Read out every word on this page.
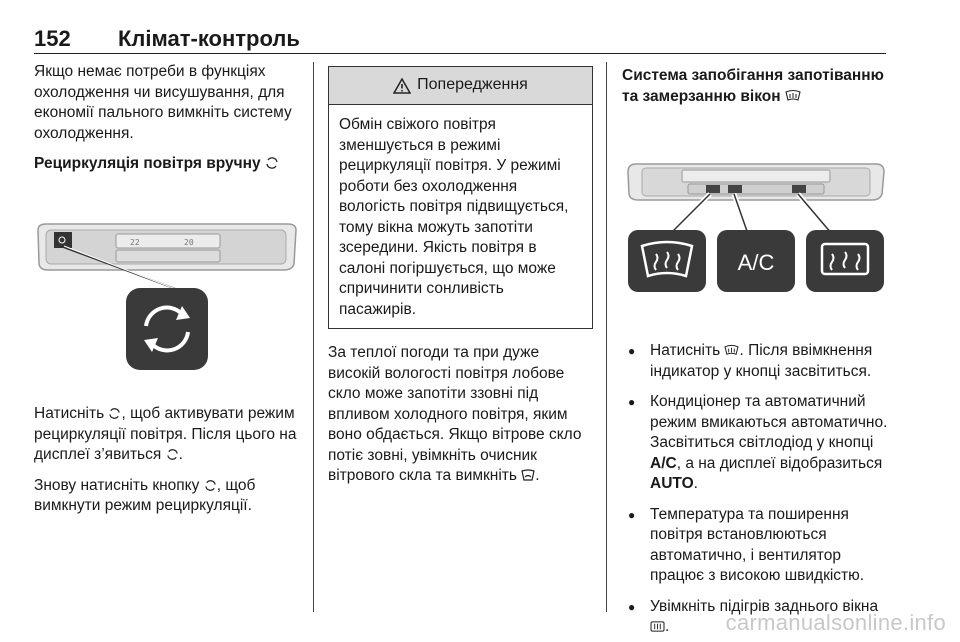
152 Клімат-контроль

Якщо немає потреби в функціях охолодження чи висушування, для економії пального вимкніть систему охолодження.

Рециркуляція повітря вручну

22	20

Натисніть , щоб активувати режим рециркуляції повітря. Після цього на дисплеї з’явиться .

Знову натисніть кнопку , щоб вимкнути режим рециркуляції.

Попередження
Обмін свіжого повітря зменшується в режимі рециркуляції повітря. У режимі роботи без охолодження вологість повітря підвищується, тому вікна можуть запотіти зсередини. Якість повітря в салоні погіршується, що може спричинити сонливість пасажирів.

За теплої погоди та при дуже високій вологості повітря лобове скло може запотіти ззовні під впливом холодного повітря, яким воно обдається. Якщо вітрове скло потіє зовні, увімкніть очисник вітрового скла та вимкніть .

Система запобігання запотіванню та замерзанню вікон

A/C
● Натисніть . Після ввімкнення індикатор у кнопці засвітиться.
● Кондиціонер та автоматичний режим вмикаються автоматично. Засвітиться світлодіод у кнопці A/C, а на дисплеї відобразиться AUTO.
● Температура та поширення повітря встановлюються автоматично, і вентилятор працює з високою швидкістю.
● Увімкніть підігрів заднього вікна .	carmanualsonline.info
